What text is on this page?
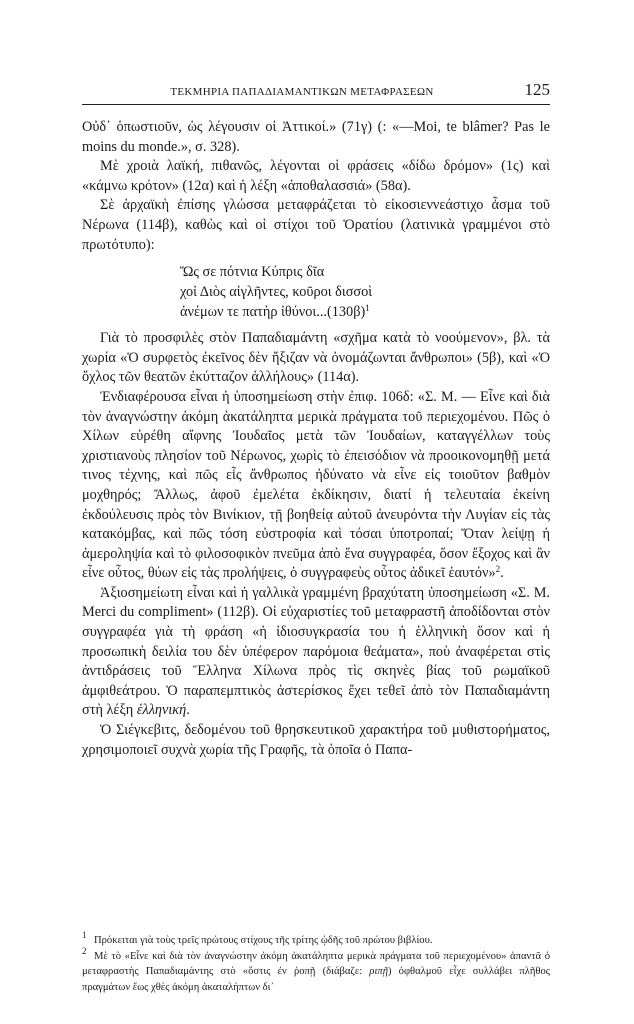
ΤΕΚΜΗΡΙΑ ΠΑΠΑΔΙΑΜΑΝΤΙΚΩΝ ΜΕΤΑΦΡΑΣΕΩΝ	125

Οὐδ᾽ ὁπωστιοῦν, ὡς λέγουσιν οἱ Ἀττικοί.» (71γ) (: «—Moi, te blâmer? Pas le moins du monde.», σ. 328).

Μὲ χροιὰ λαϊκή, πιθανῶς, λέγονται οἱ φράσεις «δίδω δρόμον» (1ς) καὶ «κάμνω κρότον» (12α) καὶ ἡ λέξη «ἀποθαλασσιά» (58α).

Σὲ ἀρχαϊκὴ ἐπίσης γλώσσα μεταφράζεται τὸ εἰκοσιεννεάστιχο ἆσμα τοῦ Νέρωνα (114β), καθὼς καὶ οἱ στίχοι τοῦ Ὁρατίου (λατινικὰ γραμμένοι στὸ πρωτότυπο):

Ὥς σε πότνια Κύπρις δῖα
χοἰ Διὸς αἰγλῆντες, κοῦροι δισσοὶ
ἀνέμων τε πατὴρ $ἰ\theta ύ\nu o\iota...(130\beta)^1$

Γιὰ τὸ προσφιλὲς στὸν Παπαδιαμάντη «σχῆμα κατὰ τὸ νοούμενον», βλ. τὰ χωρία «Ὁ συρφετὸς ἐκεῖνος δὲν ἤξιζαν νὰ ὀνομάζωνται ἄνθρωποι» (5β), καὶ «Ὁ ὄχλος τῶν θεατῶν ἐκύτταζον ἀλλήλους» (114α).

Ἐνδιαφέρουσα εἶναι ἡ ὑποσημείωση στὴν ἐπιφ. 106δ: «Σ. Μ. — Εἶνε καὶ διὰ τὸν ἀναγνώστην ἀκόμη ἀκατάληπτα μερικὰ πράγματα τοῦ περιεχομένου. Πῶς ὁ Χίλων εὑρέθη αἴφνης Ἰουδαῖος μετὰ τῶν Ἰουδαίων, καταγγέλλων τοὺς χριστιανοὺς πλησίον τοῦ Νέρωνος, χωρὶς τὸ ἐπεισόδιον νὰ προοικονομηθῇ μετά τινος τέχνης, καὶ πῶς εἷς ἄνθρωπος ἠδύνατο νὰ εἶνε εἰς τοιοῦτον βαθμὸν μοχθηρός; Ἄλλως, ἀφοῦ ἐμελέτα ἐκδίκησιν, διατί ἡ τελευταία ἐκείνη ἐκδούλευσις πρὸς τὸν Βινίκιον, τῇ βοηθείᾳ αὐτοῦ ἀνευρόντα τὴν Λυγίαν εἰς τὰς κατακόμβας, καὶ πῶς τόση εὐστροφία καὶ τόσαι ὑποτροπαί; Ὅταν λείψῃ ἡ ἀμεροληψία καὶ τὸ φιλοσοφικὸν πνεῦμα ἀπὸ ἕνα συγγραφέα, ὅσον ἔξοχος καὶ ἂν εἶνε οὗτος, θύων εἰς τὰς προλήψεις, ὁ συγγραφεὺς οὗτος ἀδικεῖ ἑαυτόν»$^2$.

Ἀξιοσημείωτη εἶναι καὶ ἡ γαλλικὰ γραμμένη βραχύτατη ὑποσημείωση «Σ. Μ. Merci du compliment» (112β). Οἱ εὐχαριστίες τοῦ μεταφραστῆ ἀποδίδονται στὸν συγγραφέα γιὰ τὴ φράση «ἡ ἰδιοσυγκρασία του ἡ ἑλληνικὴ ὅσον καὶ ἡ προσωπικὴ δειλία του δὲν ὑπέφερον παρόμοια θεάματα», ποὺ ἀναφέρεται στὶς ἀντιδράσεις τοῦ Ἕλληνα Χίλωνα πρὸς τὶς σκηνὲς βίας τοῦ ρωμαϊκοῦ ἀμφιθεάτρου. Ὁ παραπεμπτικὸς ἀστερίσκος ἔχει τεθεῖ ἀπὸ τὸν Παπαδιαμάντη στὴ λέξη ἑλληνική.

Ὁ Σιέγκεβιτς, δεδομένου τοῦ θρησκευτικοῦ χαρακτήρα τοῦ μυθιστορήματος, χρησιμοποιεῖ συχνὰ χωρία τῆς Γραφῆς, τὰ ὁποῖα ὁ Παπα-

$^1$ Πρόκειται γιὰ τοὺς τρεῖς πρώτους στίχους τῆς τρίτης ᾠδῆς τοῦ πρώτου βιβλίου.

$^2$ Μὲ τὸ «Εἶνε καὶ διὰ τὸν ἀναγνώστην ἀκόμη ἀκατάληπτα μερικὰ πράγματα τοῦ περιεχομένου» ἀπαντᾶ ὁ μεταφραστὴς Παπαδιαμάντης στὸ «ὅστις ἐν ῥοπῇ (διάβαζε: ριπῇ) ὀφθαλμοῦ εἶχε συλλάβει πλῆθος πραγμάτων ἕως χθὲς ἀκόμη ἀκαταλήπτων δι᾽
